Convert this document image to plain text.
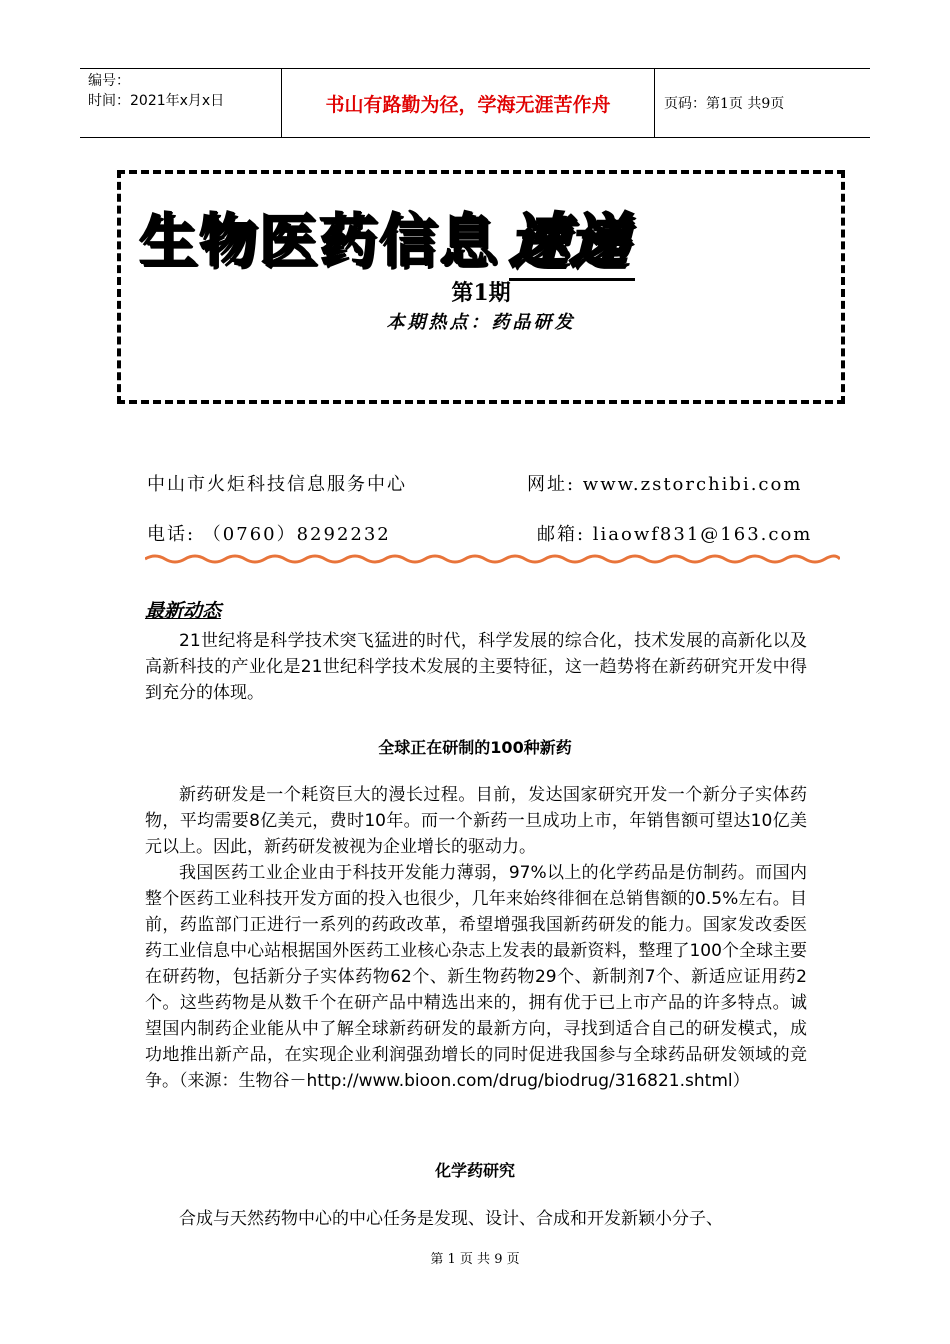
编号：
时间：2021年x月x日	书山有路勤为径，学海无涯苦作舟	页码：第1页 共9页
生物医药信息 速递
第1期
本期热点：药品研发
中山市火炬科技信息服务中心	网址: www.zstorchibi.com
电话: （0760）8292232	邮箱: liaowf831@163.com
最新动态

21世纪将是科学技术突飞猛进的时代，科学发展的综合化，技术发展的高新化以及高新科技的产业化是21世纪科学技术发展的主要特征，这一趋势将在新药研究开发中得到充分的体现。

全球正在研制的100种新药

新药研发是一个耗资巨大的漫长过程。目前，发达国家研究开发一个新分子实体药物，平均需要8亿美元，费时10年。而一个新药一旦成功上市，年销售额可望达10亿美元以上。因此，新药研发被视为企业增长的驱动力。

我国医药工业企业由于科技开发能力薄弱，97%以上的化学药品是仿制药。而国内整个医药工业科技开发方面的投入也很少，几年来始终徘徊在总销售额的0.5%左右。目前，药监部门正进行一系列的药政改革，希望增强我国新药研发的能力。国家发改委医药工业信息中心站根据国外医药工业核心杂志上发表的最新资料，整理了100个全球主要在研药物，包括新分子实体药物62个、新生物药物29个、新制剂7个、新适应证用药2个。这些药物是从数千个在研产品中精选出来的，拥有优于已上市产品的许多特点。诚望国内制药企业能从中了解全球新药研发的最新方向，寻找到适合自己的研发模式，成功地推出新产品，在实现企业利润强劲增长的同时促进我国参与全球药品研发领域的竞争。（来源：生物谷－http://www.bioon.com/drug/biodrug/316821.shtml）

化学药研究

合成与天然药物中心的中心任务是发现、设计、合成和开发新颖小分子、

第 1 页 共 9 页
